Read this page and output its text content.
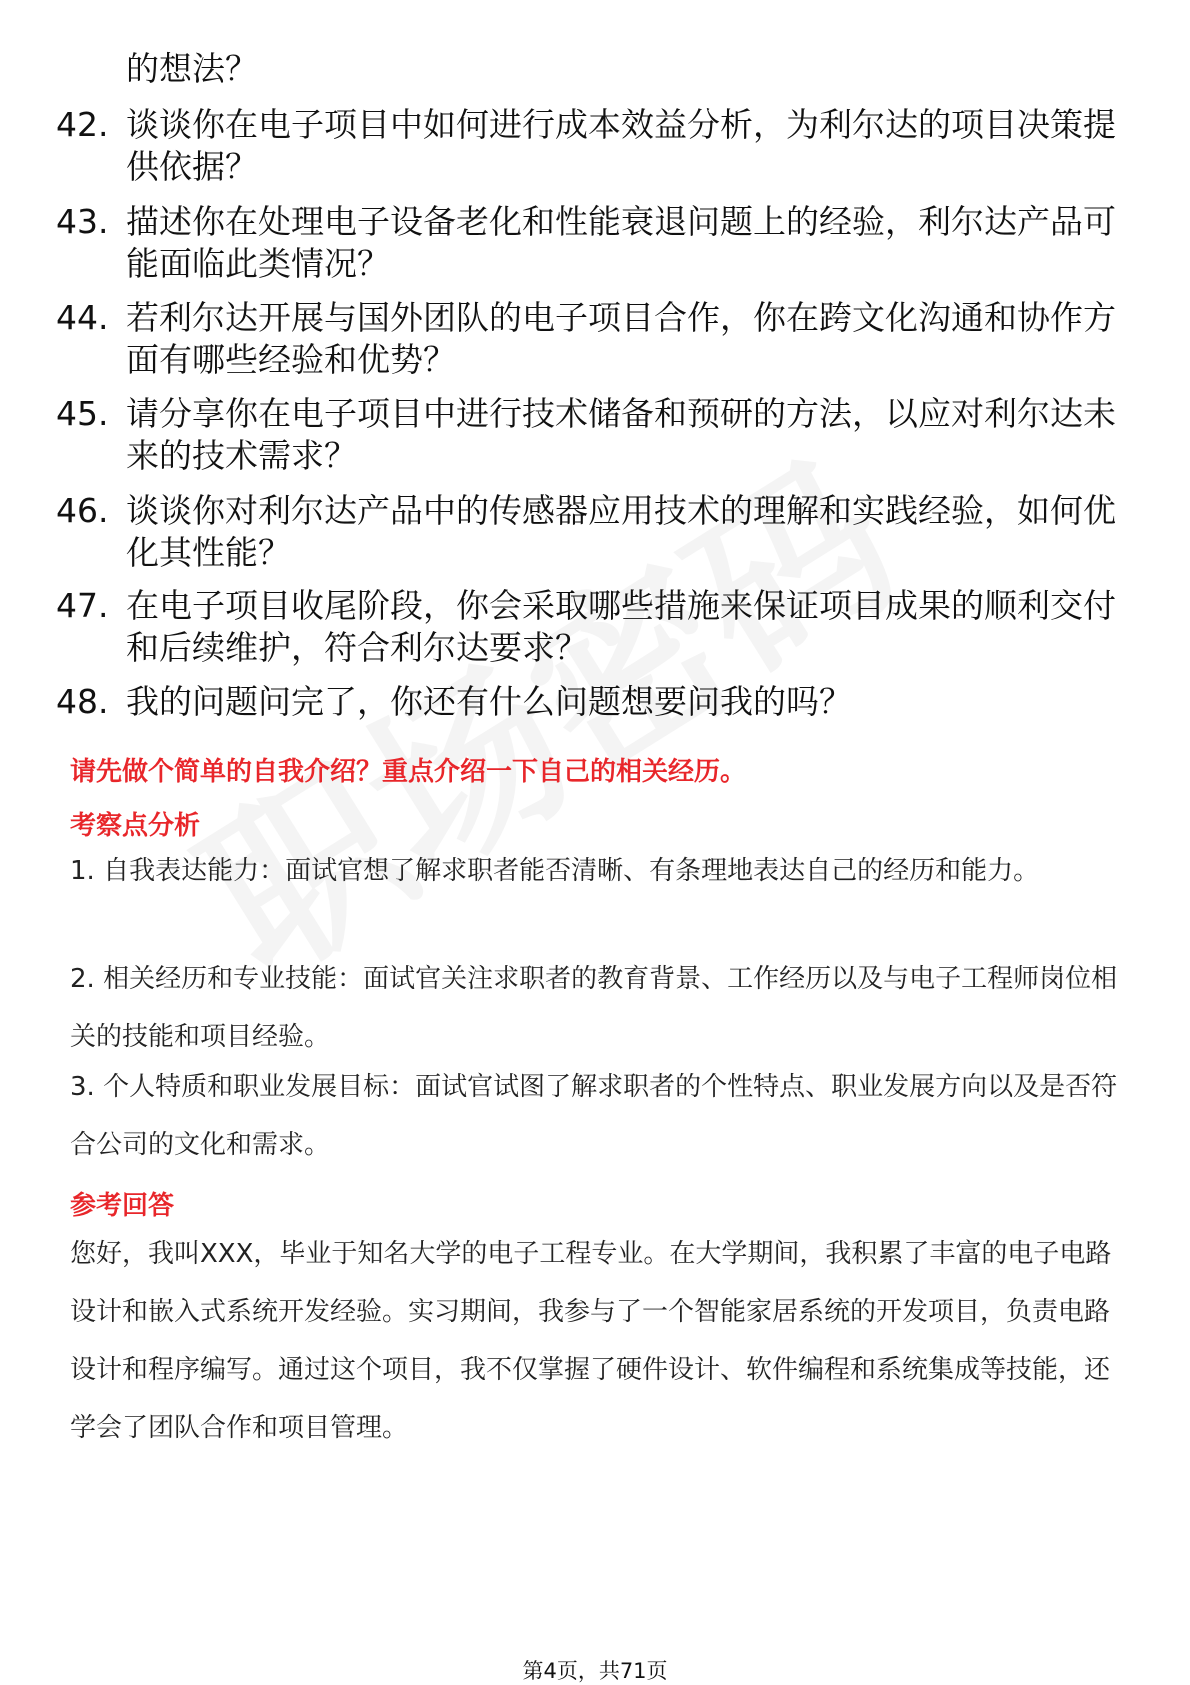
的想法？
42. 谈谈你在电子项目中如何进行成本效益分析，为利尔达的项目决策提供依据？
43. 描述你在处理电子设备老化和性能衰退问题上的经验，利尔达产品可能面临此类情况？
44. 若利尔达开展与国外团队的电子项目合作，你在跨文化沟通和协作方面有哪些经验和优势？
45. 请分享你在电子项目中进行技术储备和预研的方法，以应对利尔达未来的技术需求？
46. 谈谈你对利尔达产品中的传感器应用技术的理解和实践经验，如何优化其性能？
47. 在电子项目收尾阶段，你会采取哪些措施来保证项目成果的顺利交付和后续维护，符合利尔达要求？
48. 我的问题问完了，你还有什么问题想要问我的吗？
请先做个简单的自我介绍？重点介绍一下自己的相关经历。
考察点分析
1. 自我表达能力：面试官想了解求职者能否清晰、有条理地表达自己的经历和能力。
2. 相关经历和专业技能：面试官关注求职者的教育背景、工作经历以及与电子工程师岗位相关的技能和项目经验。
3. 个人特质和职业发展目标：面试官试图了解求职者的个性特点、职业发展方向以及是否符合公司的文化和需求。
参考回答
您好，我叫XXX，毕业于知名大学的电子工程专业。在大学期间，我积累了丰富的电子电路设计和嵌入式系统开发经验。实习期间，我参与了一个智能家居系统的开发项目，负责电路设计和程序编写。通过这个项目，我不仅掌握了硬件设计、软件编程和系统集成等技能，还学会了团队合作和项目管理。
第4页，共71页
